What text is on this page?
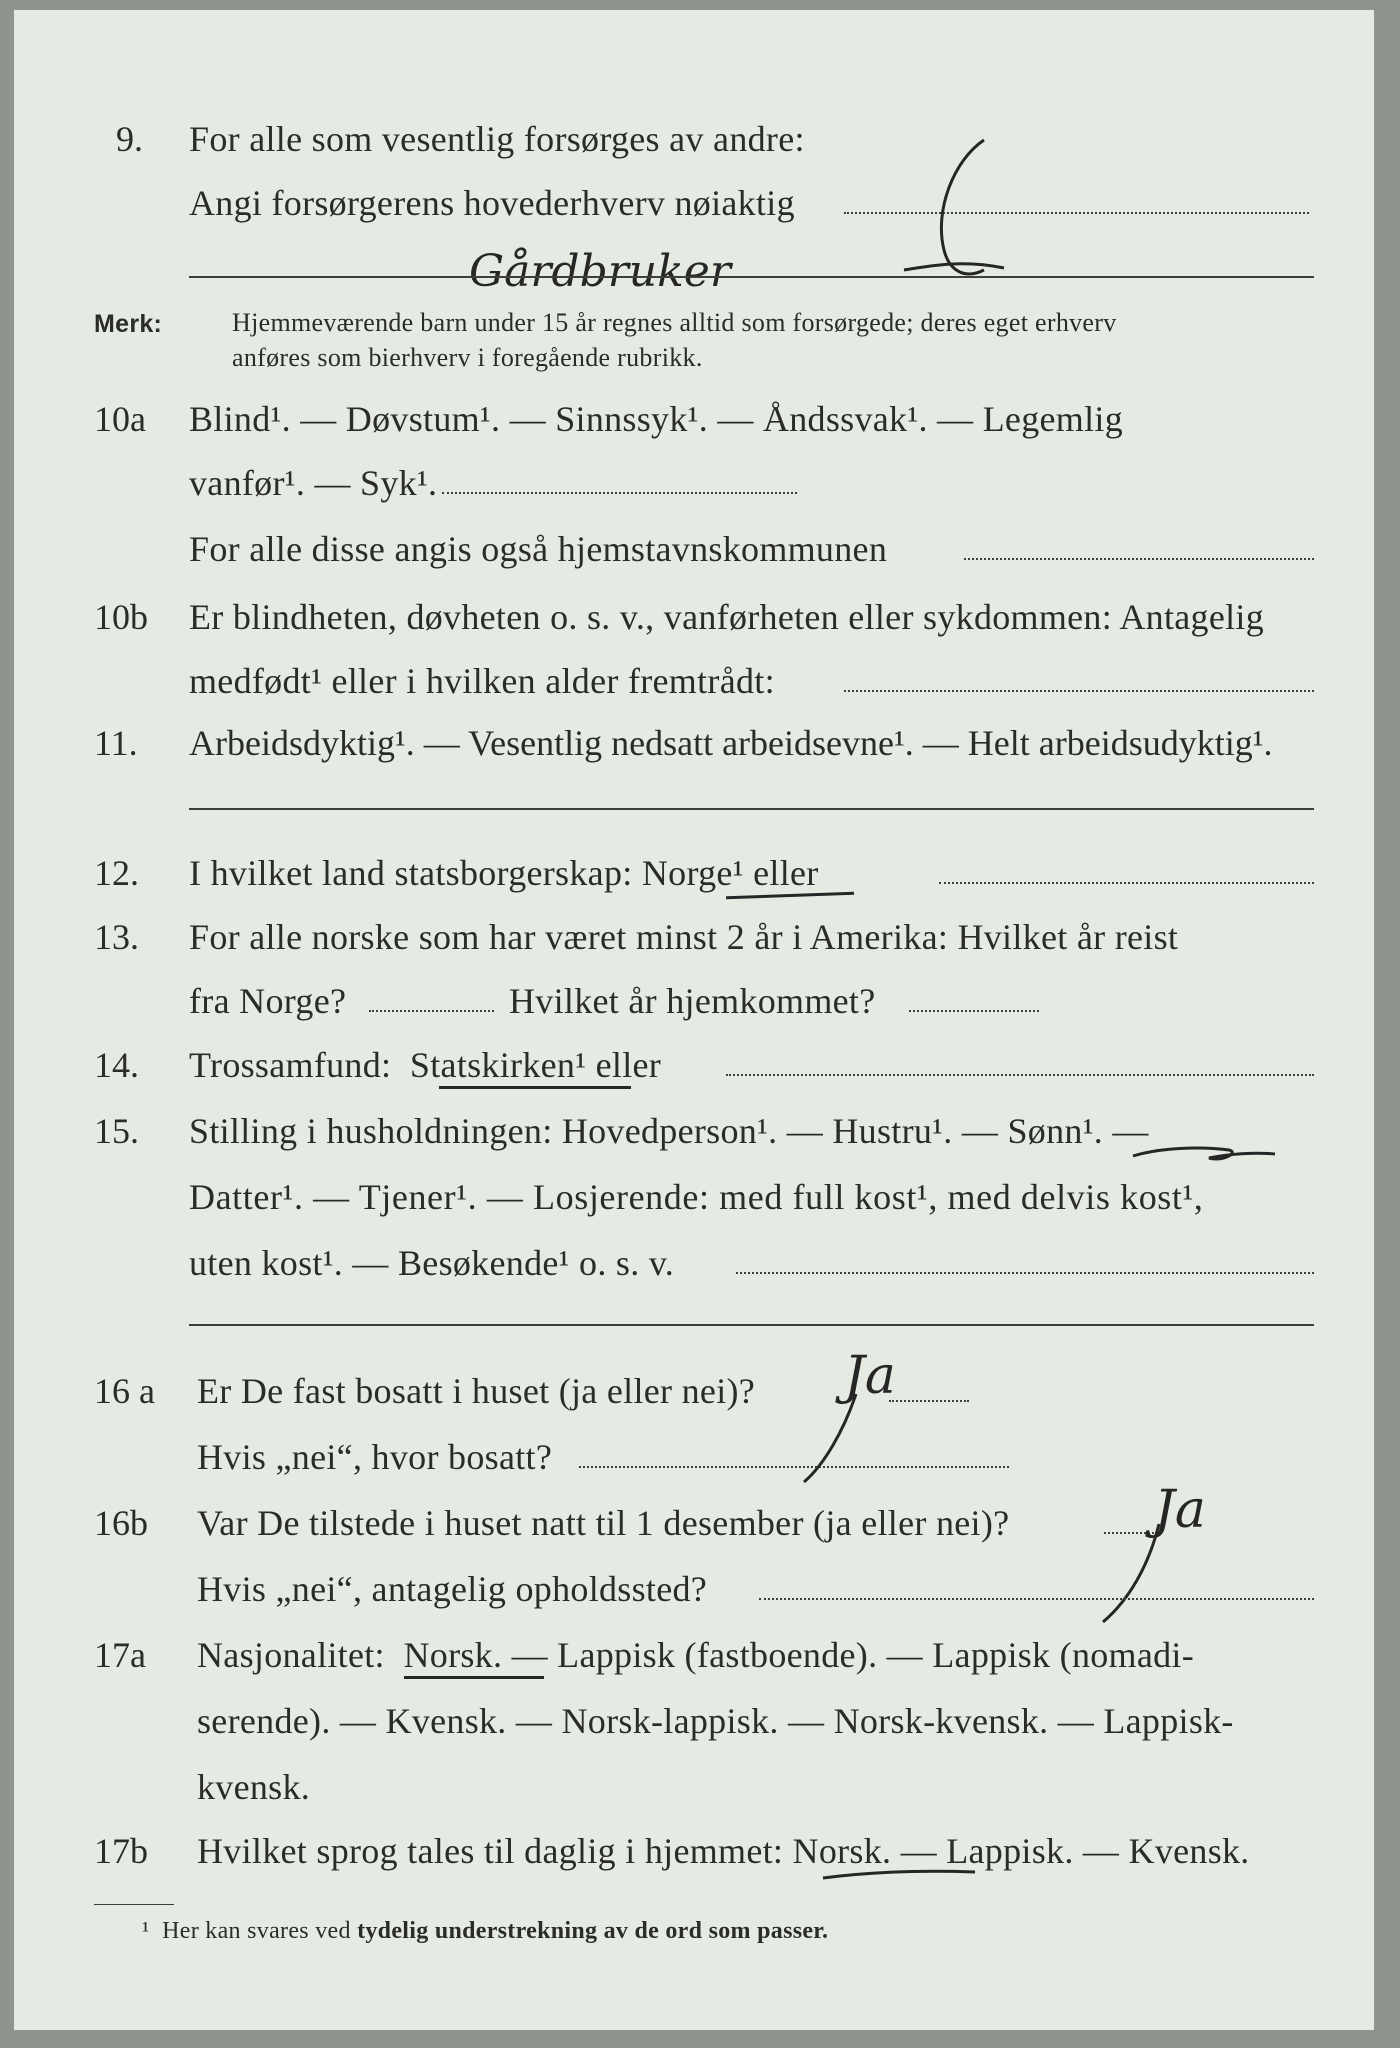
9. For alle som vesentlig forsørges av andre:
Angi forsørgerens hovederhverv nøiaktig
Gårdbruker
Merk:	Hjemmeværende barn under 15 år regnes alltid som forsørgede; deres eget erhverv
anføres som bierhverv i foregående rubrikk.
10a Blind¹. — Døvstum¹. — Sinnssyk¹. — Åndssvak¹. — Legemlig
vanfør¹. — Syk¹.
For alle disse angis også hjemstavnskommunen
10b Er blindheten, døvheten o. s. v., vanførheten eller sykdommen: Antagelig
medfødt¹ eller i hvilken alder fremtrådt:
11. Arbeidsdyktig¹. — Vesentlig nedsatt arbeidsevne¹. — Helt arbeidsudyktig¹.
12. I hvilket land statsborgerskap: Norge¹ eller
13. For alle norske som har været minst 2 år i Amerika: Hvilket år reist
fra Norge?	Hvilket år hjemkommet?
14. Trossamfund: Statskirken¹ eller
15. Stilling i husholdningen: Hovedperson¹. — Hustru¹. — Sønn¹. —
Datter¹. — Tjener¹. — Losjerende: med full kost¹, med delvis kost¹,
uten kost¹. — Besøkende¹ o. s. v.
16 a Er De fast bosatt i huset (ja eller nei)? Ja
Hvis „nei“, hvor bosatt?
16b Var De tilstede i huset natt til 1 desember (ja eller nei)?	Ja
Hvis „nei“, antagelig opholdssted?
17a Nasjonalitet: Norsk. — Lappisk (fastboende). — Lappisk (nomadi-
serende). — Kvensk. — Norsk-lappisk. — Norsk-kvensk. — Lappisk-
kvensk.
17b Hvilket sprog tales til daglig i hjemmet: Norsk. — Lappisk. — Kvensk.
¹ Her kan svares ved tydelig understrekning av de ord som passer.
